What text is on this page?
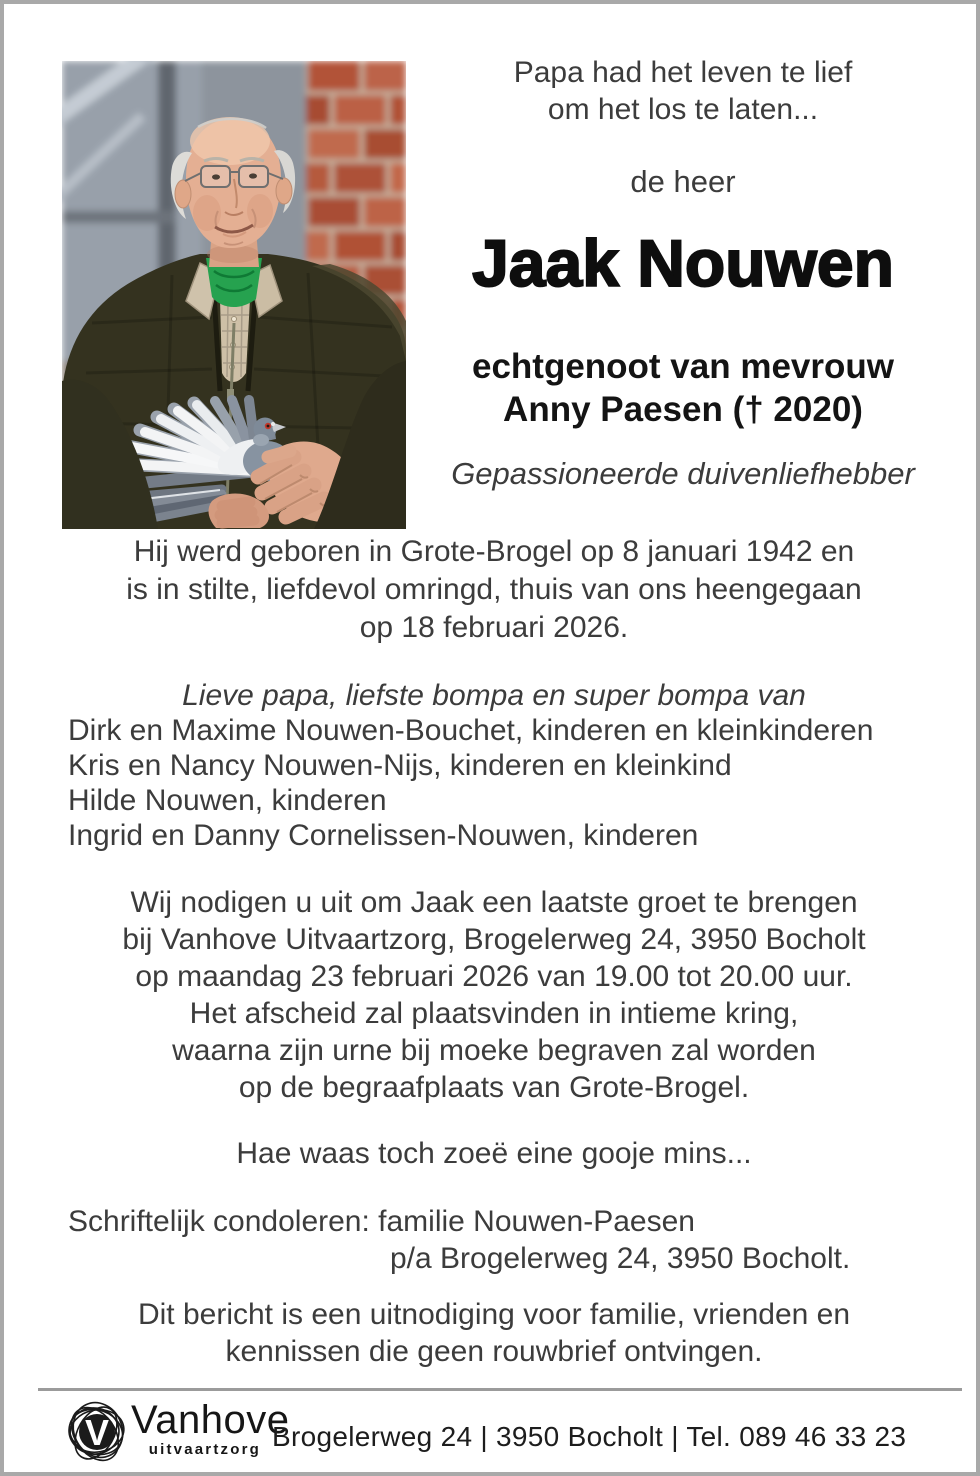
Papa had het leven te lief
om het los te laten...
de heer
Jaak Nouwen
echtgenoot van mevrouw
Anny Paesen († 2020)
Gepassioneerde duivenliefhebber
Hij werd geboren in Grote-Brogel op 8 januari 1942 en
is in stilte, liefdevol omringd, thuis van ons heengegaan
op 18 februari 2026.
Lieve papa, liefste bompa en super bompa van
Dirk en Maxime Nouwen-Bouchet, kinderen en kleinkinderen
Kris en Nancy Nouwen-Nijs, kinderen en kleinkind
Hilde Nouwen, kinderen
Ingrid en Danny Cornelissen-Nouwen, kinderen
Wij nodigen u uit om Jaak een laatste groet te brengen
bij Vanhove Uitvaartzorg, Brogelerweg 24, 3950 Bocholt
op maandag 23 februari 2026 van 19.00 tot 20.00 uur.
Het afscheid zal plaatsvinden in intieme kring,
waarna zijn urne bij moeke begraven zal worden
op de begraafplaats van Grote-Brogel.
Hae waas toch zoeë eine gooje mins...
Schriftelijk condoleren: familie Nouwen-Paesen
p/a Brogelerweg 24, 3950 Bocholt.
Dit bericht is een uitnodiging voor familie, vrienden en
kennissen die geen rouwbrief ontvingen.
V Vanhove
uitvaartzorg Brogelerweg 24 | 3950 Bocholt | Tel. 089 46 33 23
